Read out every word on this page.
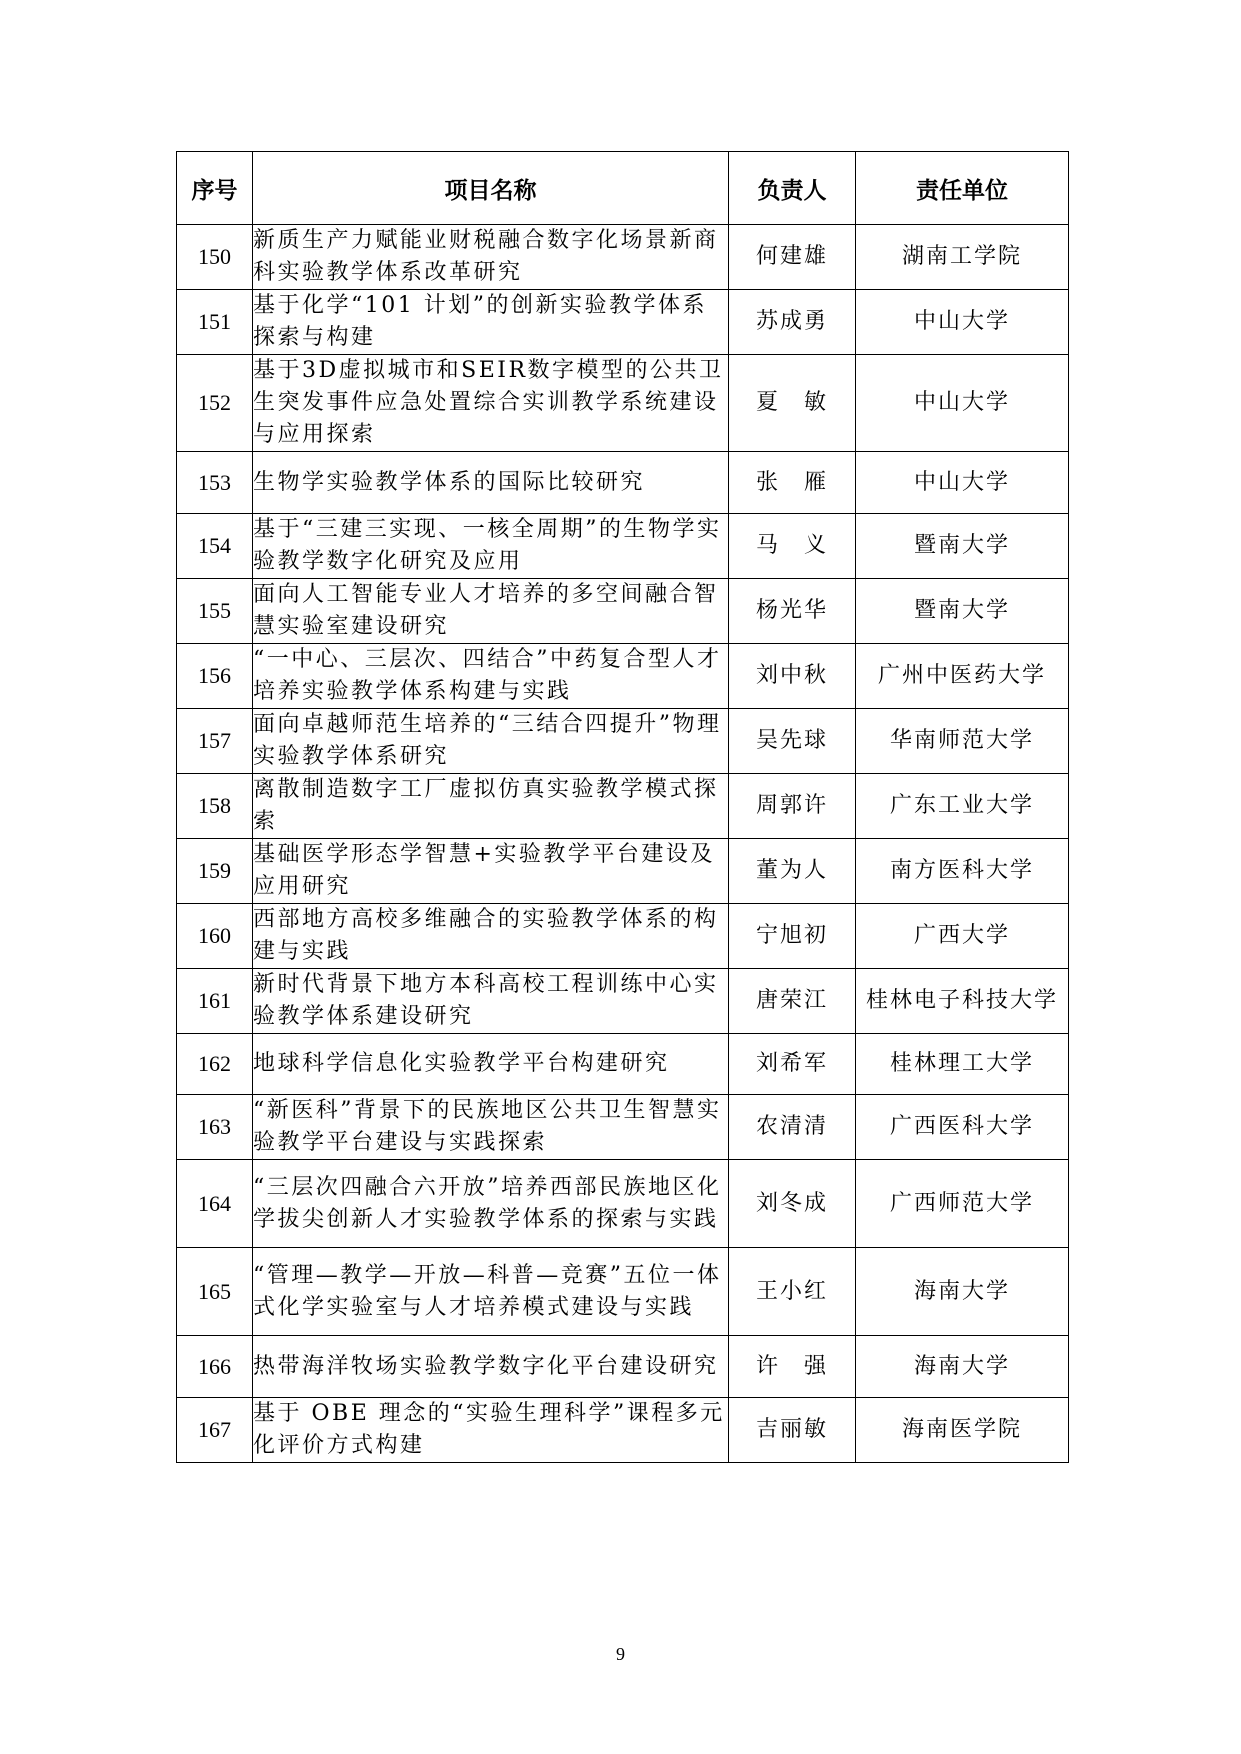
序号	项目名称	负责人	责任单位
150	新质生产力赋能业财税融合数字化场景新商科实验教学体系改革研究	何建雄	湖南工学院
151	基于化学“101 计划”的创新实验教学体系探索与构建	苏成勇	中山大学
152	基于3D虚拟城市和SEIR数字模型的公共卫生突发事件应急处置综合实训教学系统建设与应用探索	夏　敏	中山大学
153	生物学实验教学体系的国际比较研究	张　雁	中山大学
154	基于“三建三实现、一核全周期”的生物学实验教学数字化研究及应用	马　义	暨南大学
155	面向人工智能专业人才培养的多空间融合智慧实验室建设研究	杨光华	暨南大学
156	“一中心、三层次、四结合”中药复合型人才培养实验教学体系构建与实践	刘中秋	广州中医药大学
157	面向卓越师范生培养的“三结合四提升”物理实验教学体系研究	吴先球	华南师范大学
158	离散制造数字工厂虚拟仿真实验教学模式探索	周郭许	广东工业大学
159	基础医学形态学智慧+实验教学平台建设及应用研究	董为人	南方医科大学
160	西部地方高校多维融合的实验教学体系的构建与实践	宁旭初	广西大学
161	新时代背景下地方本科高校工程训练中心实验教学体系建设研究	唐荣江	桂林电子科技大学
162	地球科学信息化实验教学平台构建研究	刘希军	桂林理工大学
163	“新医科”背景下的民族地区公共卫生智慧实验教学平台建设与实践探索	农清清	广西医科大学
164	“三层次四融合六开放”培养西部民族地区化学拔尖创新人才实验教学体系的探索与实践	刘冬成	广西师范大学
165	“管理—教学—开放—科普—竞赛”五位一体式化学实验室与人才培养模式建设与实践	王小红	海南大学
166	热带海洋牧场实验教学数字化平台建设研究	许　强	海南大学
167	基于 OBE 理念的“实验生理科学”课程多元化评价方式构建	吉丽敏	海南医学院
9
